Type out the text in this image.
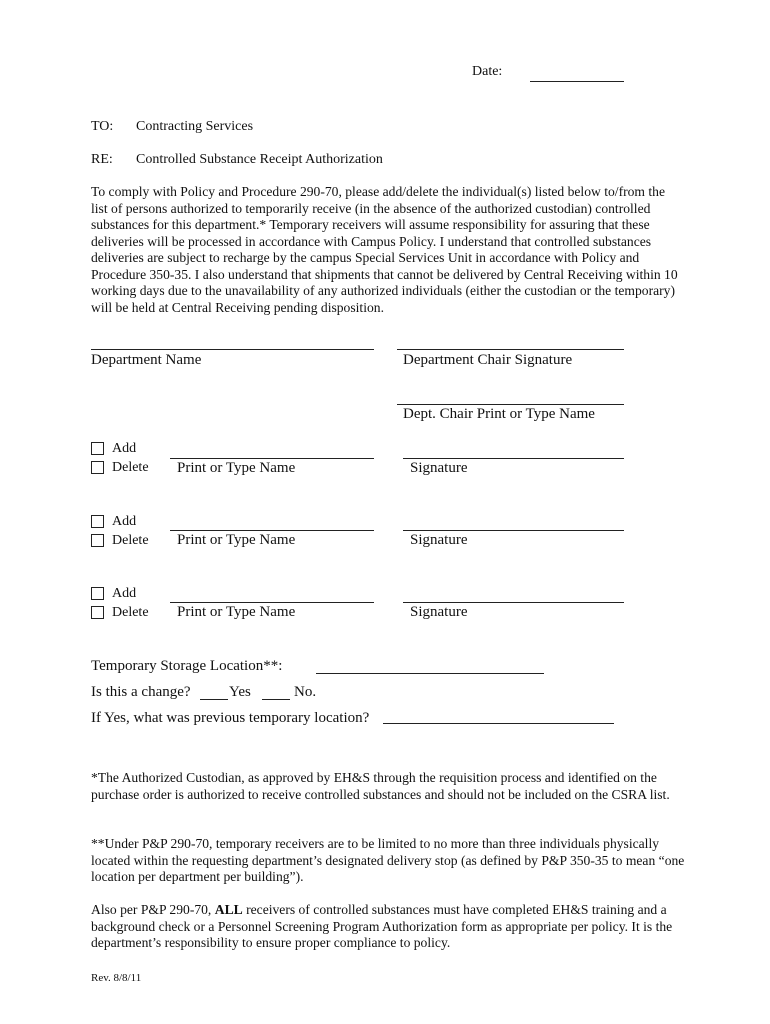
Date:
TO: Contracting Services
RE: Controlled Substance Receipt Authorization
To comply with Policy and Procedure 290-70, please add/delete the individual(s) listed below to/from the list of persons authorized to temporarily receive (in the absence of the authorized custodian) controlled substances for this department.* Temporary receivers will assume responsibility for assuring that these deliveries will be processed in accordance with Campus Policy. I understand that controlled substances deliveries are subject to recharge by the campus Special Services Unit in accordance with Policy and Procedure 350-35. I also understand that shipments that cannot be delivered by Central Receiving within 10 working days due to the unavailability of any authorized individuals (either the custodian or the temporary) will be held at Central Receiving pending disposition.
Department Name	Department Chair Signature
Dept. Chair Print or Type Name
Add
Delete Print or Type Name	Signature
Add
Delete Print or Type Name	Signature
Add
Delete Print or Type Name	Signature
Temporary Storage Location**:
Is this a change?	Yes	No.
If Yes, what was previous temporary location?
*The Authorized Custodian, as approved by EH&S through the requisition process and identified on the purchase order is authorized to receive controlled substances and should not be included on the CSRA list.
**Under P&P 290-70, temporary receivers are to be limited to no more than three individuals physically located within the requesting department’s designated delivery stop (as defined by P&P 350-35 to mean “one location per department per building”).
Also per P&P 290-70, ALL receivers of controlled substances must have completed EH&S training and a background check or a Personnel Screening Program Authorization form as appropriate per policy. It is the department’s responsibility to ensure proper compliance to policy.
Rev. 8/8/11
